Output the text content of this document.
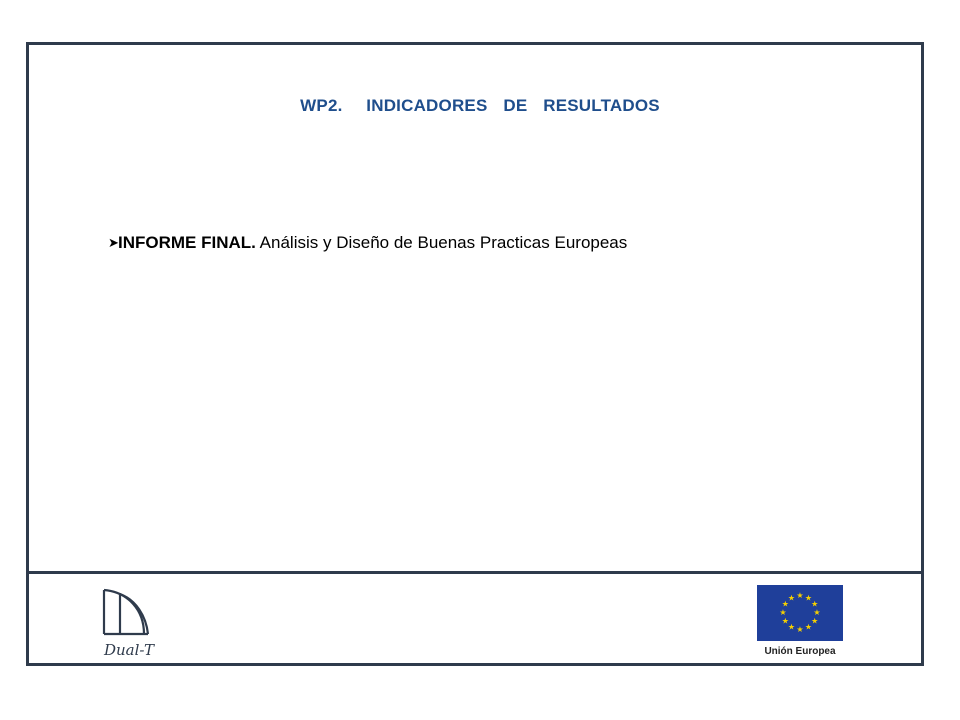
WP2.   INDICADORES  DE  RESULTADOS
➤INFORME FINAL. Análisis y Diseño de Buenas Practicas Europeas
Dual-T
★ ★
★
★
★
★
★
★
★
★
★
★
Unión Europea
